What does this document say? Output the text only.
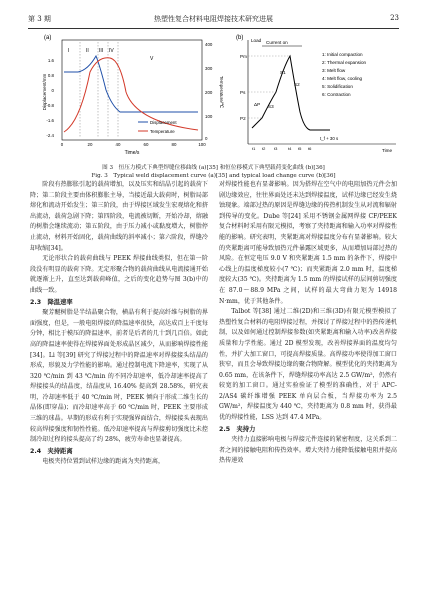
第 3 期	热塑性复合材料电阻焊接技术研究进展	23
(a)
I	II III IV
V
1.6
0.8
0
-0.8
-1.6
-2.4
400
300
200
100
0
0	20	40	60	80	100
Time/s
Displacement/mm	Temperature/℃
Displacement
Temperature
(b) Load Current on
Pm
Ps
P2
S1
S2
S3
ΔP
t1 t2 t3	t4 t5 t6
t_f + 30 s
Time
1: Initial compaction
2: Thermal expansion
3: Melt flow
4: Melt flow, cooling
5: Solidification
6: Contraction
图 3　恒压力模式下典型焊缝位移曲线 (a)[35] 和恒位移模式下典型载荷变化曲线 (b)[36]
Fig. 3　Typical weld displacement curve (a)[35] and typical load change curve (b)[36]

阶段有热膨胀引起的载荷增加，以及压实和结晶引起的载荷下降；第二阶段主要由体积膨胀主导，当接近最大载荷时，树脂局部熔化和流动开始发生；第三阶段，由于焊接区域发生宏观熔化和挤出流动，载荷急剧下降；第四阶段，电流被切断，开始冷却，熔融的树脂会继续流动；第五阶段，由于压力减小或黏度增大，树脂停止流动，材料开始固化，载荷曲线的斜率减小；第六阶段，焊缝冷却收缩[34]。

无论形状合的载荷曲线与 PEEK 焊接曲线类似，但在第一阶段没有明显的载荷下降。无定形聚合物的载荷曲线从电流接通开始就逐渐上升，直至达到载荷峰值，之后的变化趋势与图 3(b)中的曲线一致。

2.3　降温速率

聚芳醚树脂是半结晶聚合物，横晶有利于提高纤维与树脂的界面强度，但是，一般电阻焊接的降温速率很快，高达成百上千度每分钟，相比于模压的降温速率，前者是后者的几十到几百倍。如此高的降温速率使得在焊接界面处形成晶区减少，从而影响焊接性能[34]。Li 等[39] 研究了焊接过程中的降温速率对焊接接头结晶的形成，形貌及力学性能的影响。通过控制电流下降速率，实现了从 320 ℃/min 到 43 ℃/min 的不同冷却速率，低冷却速率提高了焊接接头的结晶度，结晶度从 16.40% 提高到 28.58%，研究表明，冷却速率低于 40 ℃/min 时，PEEK 倾向于形成二维生长的晶体(即穿晶)；而冷却速率高于 60 ℃/min 时，PEEK 主要形成三维的球晶。早期的形成有利于实现强界面结合，焊接接头表现出较高焊接强度和韧性性能。低冷却速率提高与焊接剪切强度比未控制冷却过程的接头提高了约 28%，疲劳寿命也显著提高。

2.4　夹持距离

电极夹持位置到试样边缘的距离为夹持距离，

对焊接性能也有显著影响。因为搭焊在空气中的电阻加热元件会加剧边缘效应，往往界面处还未达到焊接温度，试样边缘已经发生烧蚀现象。端部过热的原因是焊缝边缘的传热机制发生从对流和辐射到传导的变化。Dube 等[24] 采用不锈钢金属网焊接 CF/PEEK 复合材料时采用有限元模拟，考察了夹持距离和输入功率对焊接性能的影响。研究表明，夹紧距离对焊接温度分布有显著影响。较大的夹紧距离可能导致加热元件暴露区域更多，从而增加局部过热的风险。在恒定电压 9.0 V 和夹紧距离 1.5 mm 的条件下，焊接中心线上的温度梯度较小(7 ℃)；而夹紧距离 2.0 mm 时，温度梯度较大(35 ℃)。夹持距离为 1.5 mm 的焊接试样的层间剪切强度在 87.0～88.9 MPa 之间，试样的最大弯曲力矩为 14918 N·mm，优于其他条件。

Talbot 等[38] 通过二维(2D)和三维(3D)有限元模型模拟了热塑性复合材料的电阻焊接过程，并探讨了焊接过程中的热传递机制，以及如何通过控制焊接参数(如夹紧距离和输入功率)改善焊接质量和力学性能。通过 2D 模型发现，改善焊接界面的温度均匀性，并扩大加工窗口，可提高焊接质量。高焊接功率使得加工窗口狭窄，而且会导致焊接边缘的聚合物降解。模型优化的夹持距离为 0.65 mm，在该条件下，焊缝焊接功率高达 2.5 GW/m²，仍然有较宽的加工窗口。通过实验验证了模型的准确性，对于 APC-2/AS4 碳纤维增强 PEEK 单向层合板，当焊接功率为 2.5 GW/m²，焊接温度为 440 ℃，夹持距离为 0.8 mm 时，获得最优的焊接性能，LSS 达到 47.4 MPa。

2.5　夹持力

夹持力直接影响电极与焊接元件连接的紧密程度，这关系到二者之间的接触电阻和传热效率。增大夹持力能降低接触电阻并提高热传递效
